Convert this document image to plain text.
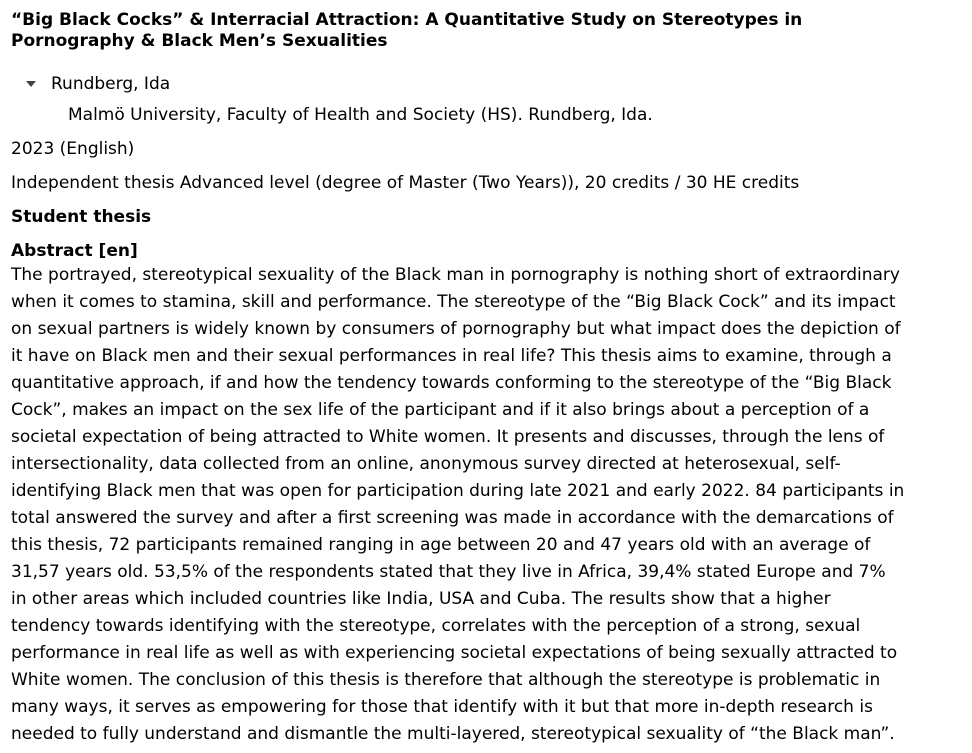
“Big Black Cocks” & Interracial Attraction: A Quantitative Study on Stereotypes in
Pornography & Black Men’s Sexualities
Rundberg, Ida
Malmö University, Faculty of Health and Society (HS). Rundberg, Ida.
2023 (English)
Independent thesis Advanced level (degree of Master (Two Years)), 20 credits / 30 HE credits
Student thesis
Abstract [en]
The portrayed, stereotypical sexuality of the Black man in pornography is nothing short of extraordinary
when it comes to stamina, skill and performance. The stereotype of the “Big Black Cock” and its impact
on sexual partners is widely known by consumers of pornography but what impact does the depiction of
it have on Black men and their sexual performances in real life? This thesis aims to examine, through a
quantitative approach, if and how the tendency towards conforming to the stereotype of the “Big Black
Cock”, makes an impact on the sex life of the participant and if it also brings about a perception of a
societal expectation of being attracted to White women. It presents and discusses, through the lens of
intersectionality, data collected from an online, anonymous survey directed at heterosexual, self-
identifying Black men that was open for participation during late 2021 and early 2022. 84 participants in
total answered the survey and after a first screening was made in accordance with the demarcations of
this thesis, 72 participants remained ranging in age between 20 and 47 years old with an average of
31,57 years old. 53,5% of the respondents stated that they live in Africa, 39,4% stated Europe and 7%
in other areas which included countries like India, USA and Cuba. The results show that a higher
tendency towards identifying with the stereotype, correlates with the perception of a strong, sexual
performance in real life as well as with experiencing societal expectations of being sexually attracted to
White women. The conclusion of this thesis is therefore that although the stereotype is problematic in
many ways, it serves as empowering for those that identify with it but that more in-depth research is
needed to fully understand and dismantle the multi-layered, stereotypical sexuality of “the Black man”.
